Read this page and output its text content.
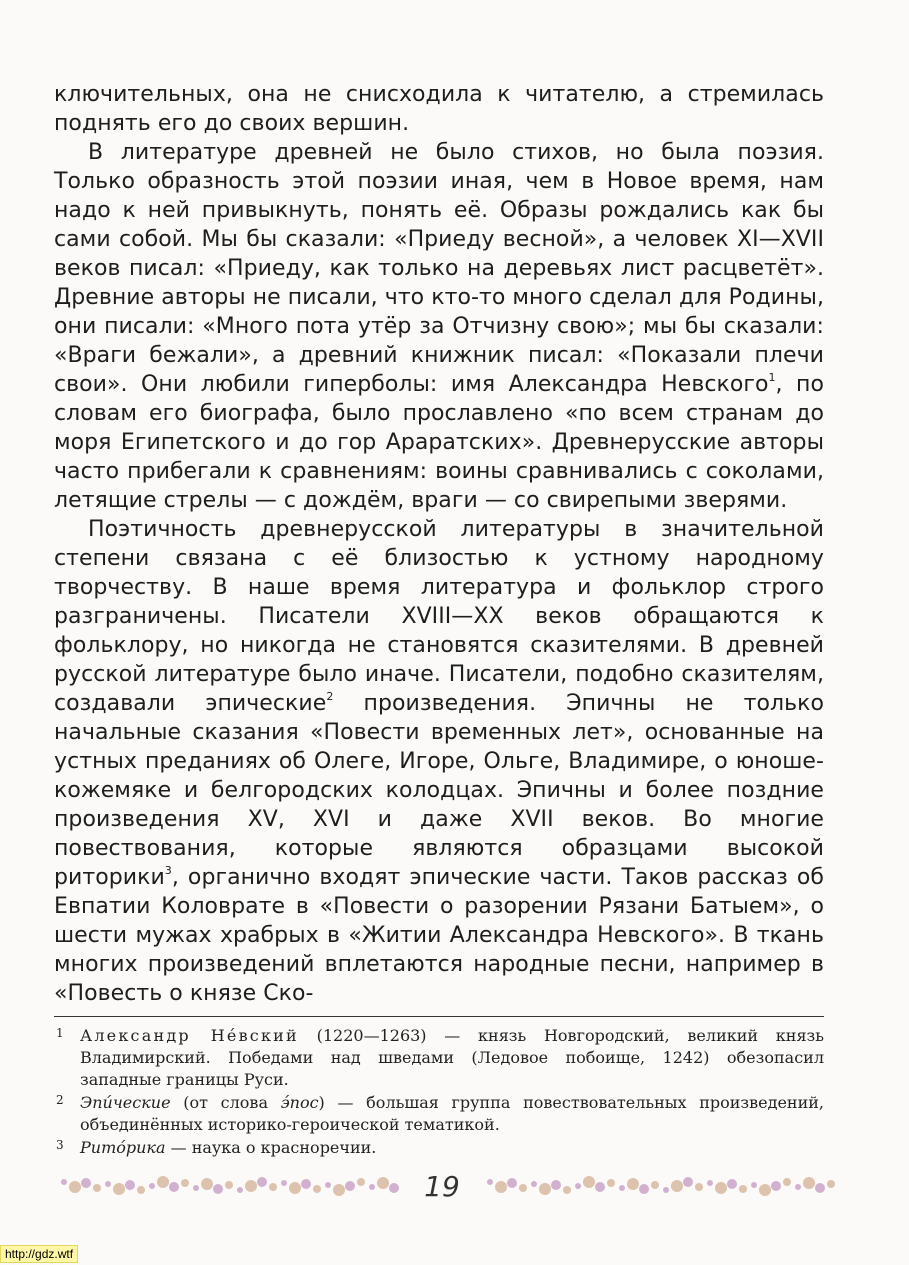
ключительных, она не снисходила к читателю, а стремилась поднять его до своих вершин.

В литературе древней не было стихов, но была поэзия. Только образность этой поэзии иная, чем в Новое время, нам надо к ней привыкнуть, понять её. Образы рождались как бы сами собой. Мы бы сказали: «Приеду весной», а человек XI—XVII веков писал: «Приеду, как только на деревьях лист расцветёт». Древние авторы не писали, что кто-то много сделал для Родины, они писали: «Много пота утёр за Отчизну свою»; мы бы сказали: «Враги бежали», а древний книжник писал: «Показали плечи свои». Они любили гиперболы: имя Александра Невского$^1$, по словам его биографа, было прославлено «по всем странам до моря Египетского и до гор Араратских». Древнерусские авторы часто прибегали к сравнениям: воины сравнивались с соколами, летящие стрелы — с дождём, враги — со свирепыми зверями.

Поэтичность древнерусской литературы в значительной степени связана с её близостью к устному народному творчеству. В наше время литература и фольклор строго разграничены. Писатели XVIII—XX веков обращаются к фольклору, но никогда не становятся сказителями. В древней русской литературе было иначе. Писатели, подобно сказителям, создавали эпические$^2$ произведения. Эпичны не только начальные сказания «Повести временных лет», основанные на устных преданиях об Олеге, Игоре, Ольге, Владимире, о юноше-кожемяке и белгородских колодцах. Эпичны и более поздние произведения XV, XVI и даже XVII веков. Во многие повествования, которые являются образцами высокой риторики$^3$, органично входят эпические части. Таков рассказ об Евпатии Коловрате в «Повести о разорении Рязани Батыем», о шести мужах храбрых в «Житии Александра Невского». В ткань многих произведений вплетаются народные песни, например в «Повесть о князе Ско-

1 Александр Не́вский (1220—1263) — князь Новгородский, великий князь Владимирский. Победами над шведами (Ледовое побоище, 1242) обезопасил западные границы Руси.

2 Эпи́ческие (от слова э́пос) — большая группа повествовательных произведений, объединённых историко-героической тематикой.

3 Рито́рика — наука о красноречии.

19
http://gdz.wtf
